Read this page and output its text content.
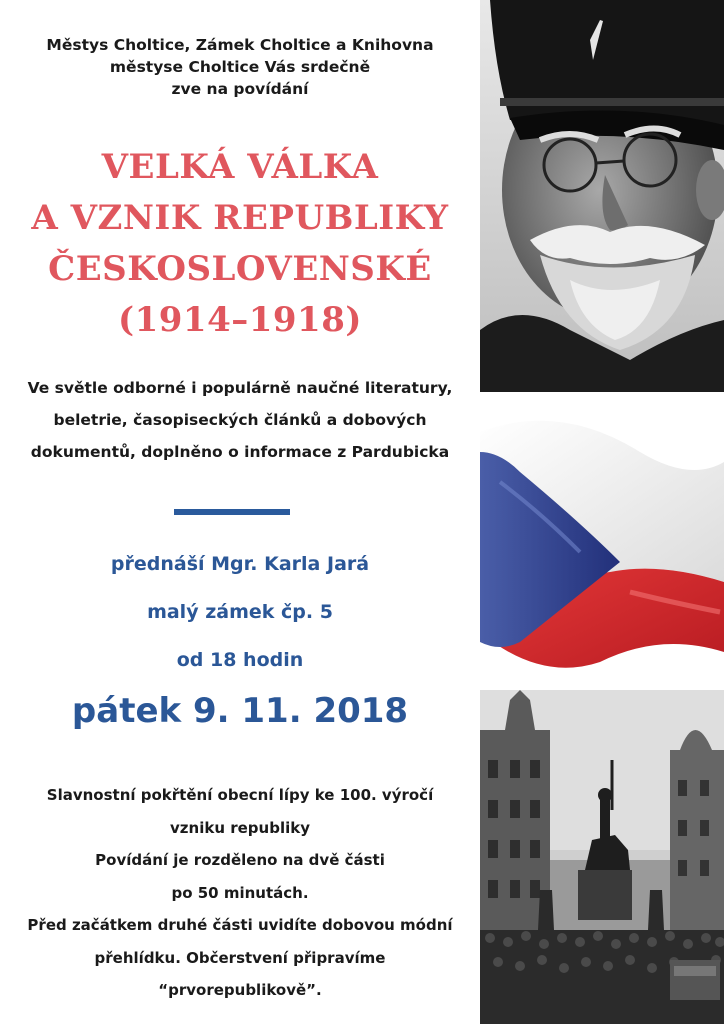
Městys Choltice, Zámek Choltice a Knihovna
městyse Choltice Vás srdečně
zve na povídání
VELKÁ VÁLKA
A VZNIK REPUBLIKY
ČESKOSLOVENSKÉ
(1914–1918)
Ve světle odborné i populárně naučné literatury,
beletrie, časopiseckých článků a dobových
dokumentů, doplněno o informace z Pardubicka
přednáší Mgr. Karla Jará
malý zámek čp. 5
od 18 hodin
pátek 9. 11. 2018
Slavnostní pokřtění obecní lípy ke 100. výročí
vzniku republiky
Povídání je rozděleno na dvě části
po 50 minutách.
Před začátkem druhé části uvidíte dobovou módní
přehlídku. Občerstvení připravíme
“prvorepublikově”.
